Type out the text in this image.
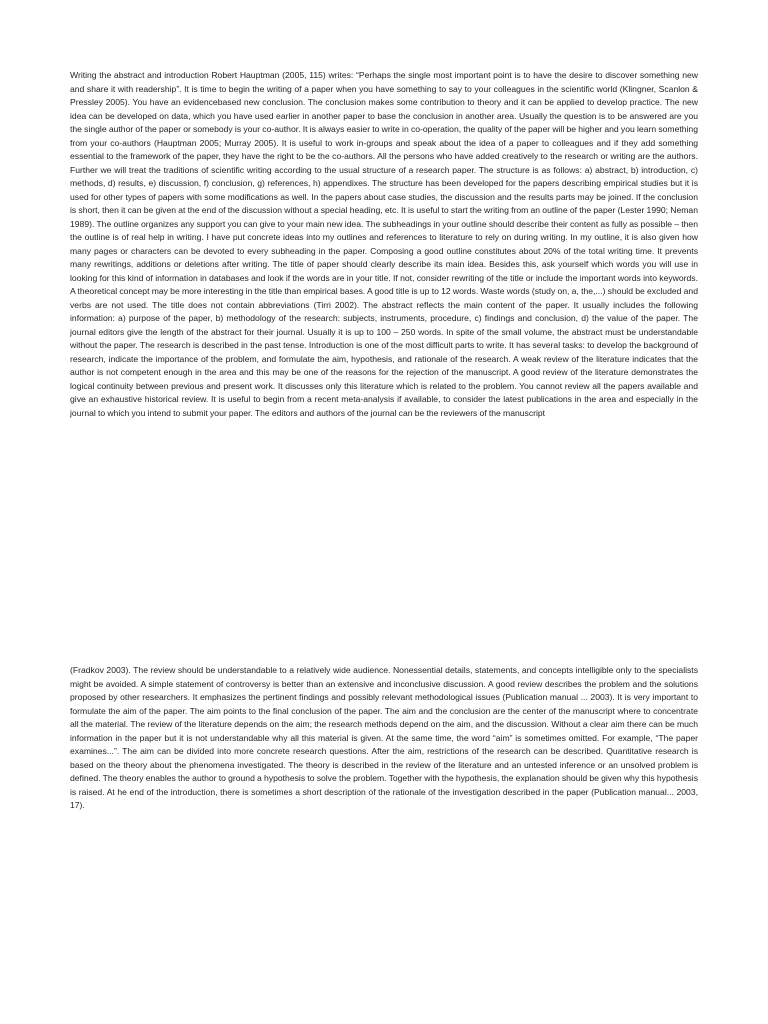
Writing the abstract and introduction Robert Hauptman (2005, 115) writes: “Perhaps the single most important point is to have the desire to discover something new and share it with readership”. It is time to begin the writing of a paper when you have something to say to your colleagues in the scientific world (Klingner, Scanlon & Pressley 2005). You have an evidencebased new conclusion. The conclusion makes some contribution to theory and it can be applied to develop practice. The new idea can be developed on data, which you have used earlier in another paper to base the conclusion in another area. Usually the question is to be answered are you the single author of the paper or somebody is your co-author. It is always easier to write in co-operation, the quality of the paper will be higher and you learn something from your co-authors (Hauptman 2005; Murray 2005). It is useful to work in-groups and speak about the idea of a paper to colleagues and if they add something essential to the framework of the paper, they have the right to be the co-authors. All the persons who have added creatively to the research or writing are the authors. Further we will treat the traditions of scientific writing according to the usual structure of a research paper. The structure is as follows: a) abstract, b) introduction, c) methods, d) results, e) discussion, f) conclusion, g) references, h) appendixes. The structure has been developed for the papers describing empirical studies but it is used for other types of papers with some modifications as well. In the papers about case studies, the discussion and the results parts may be joined. If the conclusion is short, then it can be given at the end of the discussion without a special heading, etc. It is useful to start the writing from an outline of the paper (Lester 1990; Neman 1989). The outline organizes any support you can give to your main new idea. The subheadings in your outline should describe their content as fully as possible – then the outline is of real help in writing. I have put concrete ideas into my outlines and references to literature to rely on during writing. In my outline, it is also given how many pages or characters can be devoted to every subheading in the paper. Composing a good outline constitutes about 20% of the total writing time. It prevents many rewritings, additions or deletions after writing. The title of paper should clearly describe its main idea. Besides this, ask yourself which words you will use in looking for this kind of information in databases and look if the words are in your title. If not, consider rewriting of the title or include the important words into keywords. A theoretical concept may be more interesting in the title than empirical bases. A good title is up to 12 words. Waste words (study on, a, the,...) should be excluded and verbs are not used. The title does not contain abbreviations (Tirri 2002). The abstract reflects the main content of the paper. It usually includes the following information: a) purpose of the paper, b) methodology of the research: subjects, instruments, procedure, c) findings and conclusion, d) the value of the paper. The journal editors give the length of the abstract for their journal. Usually it is up to 100 – 250 words. In spite of the small volume, the abstract must be understandable without the paper. The research is described in the past tense. Introduction is one of the most difficult parts to write. It has several tasks: to develop the background of research, indicate the importance of the problem, and formulate the aim, hypothesis, and rationale of the research. A weak review of the literature indicates that the author is not competent enough in the area and this may be one of the reasons for the rejection of the manuscript. A good review of the literature demonstrates the logical continuity between previous and present work. It discusses only this literature which is related to the problem. You cannot review all the papers available and give an exhaustive historical review. It is useful to begin from a recent meta-analysis if available, to consider the latest publications in the area and especially in the journal to which you intend to submit your paper. The editors and authors of the journal can be the reviewers of the manuscript

(Fradkov 2003). The review should be understandable to a relatively wide audience. Nonessential details, statements, and concepts intelligible only to the specialists might be avoided. A simple statement of controversy is better than an extensive and inconclusive discussion. A good review describes the problem and the solutions proposed by other researchers. It emphasizes the pertinent findings and possibly relevant methodological issues (Publication manual ... 2003). It is very important to formulate the aim of the paper. The aim points to the final conclusion of the paper. The aim and the conclusion are the center of the manuscript where to concentrate all the material. The review of the literature depends on the aim; the research methods depend on the aim, and the discussion. Without a clear aim there can be much information in the paper but it is not understandable why all this material is given. At the same time, the word “aim” is sometimes omitted. For example, “The paper examines...”. The aim can be divided into more concrete research questions. After the aim, restrictions of the research can be described. Quantitative research is based on the theory about the phenomena investigated. The theory is described in the review of the literature and an untested inference or an unsolved problem is defined. The theory enables the author to ground a hypothesis to solve the problem. Together with the hypothesis, the explanation should be given why this hypothesis is raised. At he end of the introduction, there is sometimes a short description of the rationale of the investigation described in the paper (Publication manual... 2003, 17).
